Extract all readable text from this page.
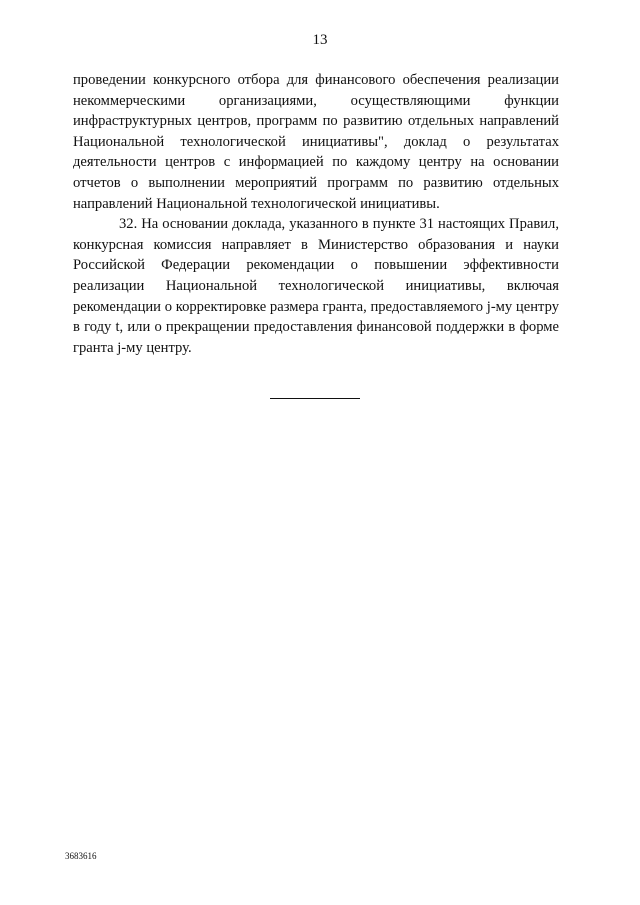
13

проведении конкурсного отбора для финансового обеспечения реализации некоммерческими организациями, осуществляющими функции инфраструктурных центров, программ по развитию отдельных направлений Национальной технологической инициативы", доклад о результатах деятельности центров с информацией по каждому центру на основании отчетов о выполнении мероприятий программ по развитию отдельных направлений Национальной технологической инициативы.

32. На основании доклада, указанного в пункте 31 настоящих Правил, конкурсная комиссия направляет в Министерство образования и науки Российской Федерации рекомендации о повышении эффективности реализации Национальной технологической инициативы, включая рекомендации о корректировке размера гранта, предоставляемого j-му центру в году t, или о прекращении предоставления финансовой поддержки в форме гранта j-му центру.

3683616
